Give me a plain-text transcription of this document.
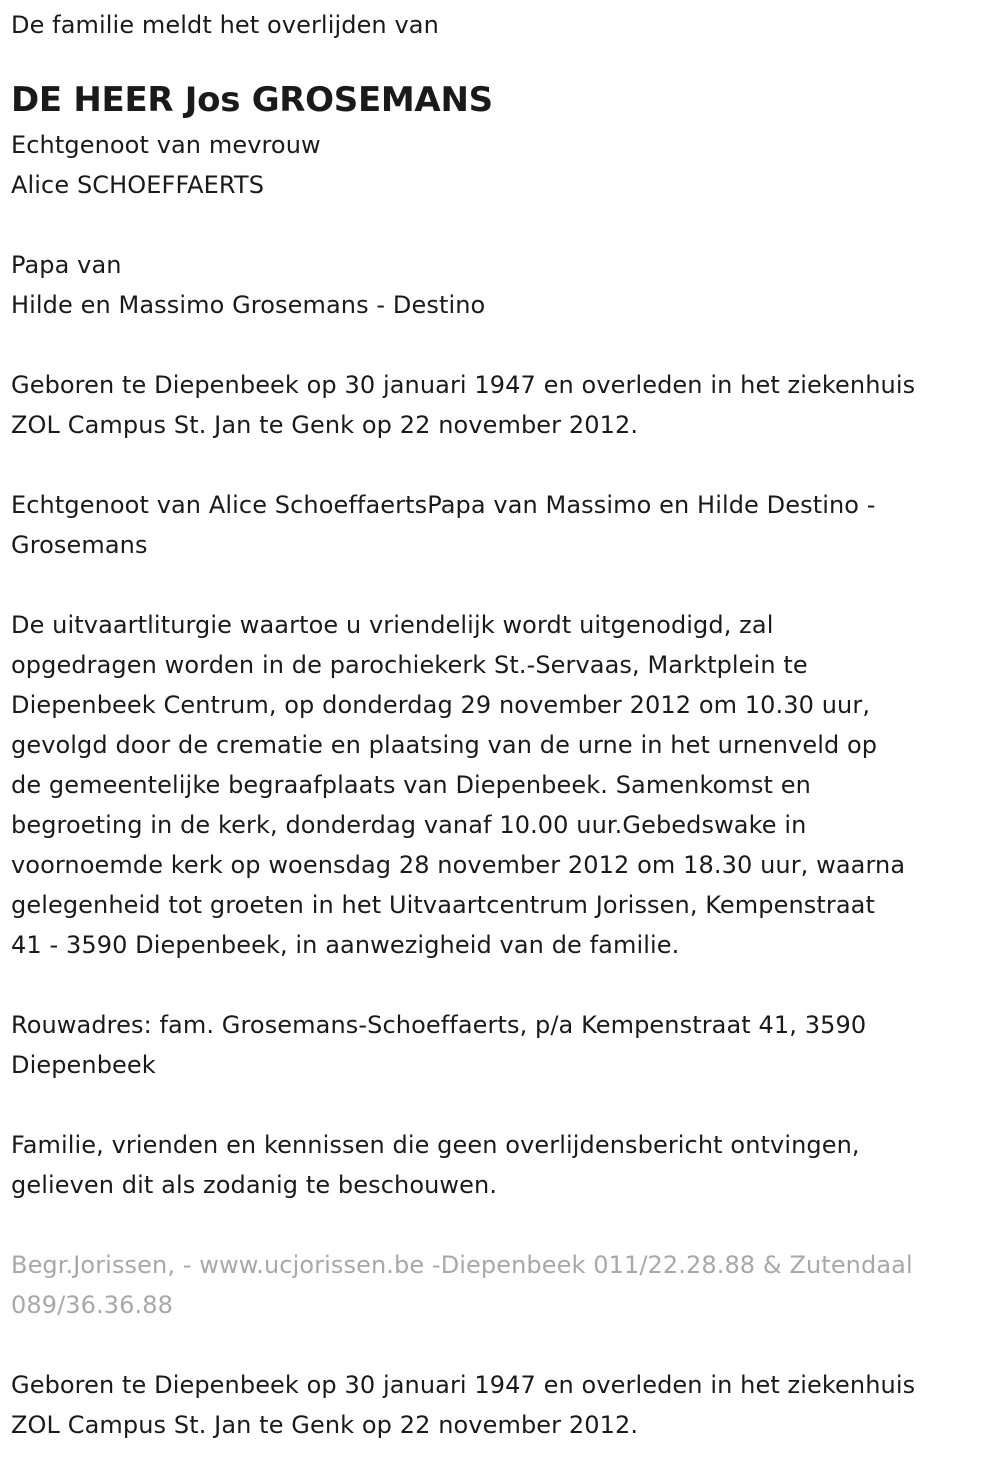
De familie meldt het overlijden van
DE HEER Jos GROSEMANS
Echtgenoot van mevrouw
Alice SCHOEFFAERTS
Papa van
Hilde en Massimo Grosemans - Destino
Geboren te Diepenbeek op 30 januari 1947 en overleden in het ziekenhuis
ZOL Campus St. Jan te Genk op 22 november 2012.
Echtgenoot van Alice SchoeffaertsPapa van Massimo en Hilde Destino -
Grosemans
De uitvaartliturgie waartoe u vriendelijk wordt uitgenodigd, zal
opgedragen worden in de parochiekerk St.-Servaas, Marktplein te
Diepenbeek Centrum, op donderdag 29 november 2012 om 10.30 uur,
gevolgd door de crematie en plaatsing van de urne in het urnenveld op
de gemeentelijke begraafplaats van Diepenbeek. Samenkomst en
begroeting in de kerk, donderdag vanaf 10.00 uur.Gebedswake in
voornoemde kerk op woensdag 28 november 2012 om 18.30 uur, waarna
gelegenheid tot groeten in het Uitvaartcentrum Jorissen, Kempenstraat
41 - 3590 Diepenbeek, in aanwezigheid van de familie.
Rouwadres: fam. Grosemans-Schoeffaerts, p/a Kempenstraat 41, 3590
Diepenbeek
Familie, vrienden en kennissen die geen overlijdensbericht ontvingen,
gelieven dit als zodanig te beschouwen.
Begr.Jorissen, - www.ucjorissen.be -Diepenbeek 011/22.28.88 & Zutendaal
089/36.36.88
Geboren te Diepenbeek op 30 januari 1947 en overleden in het ziekenhuis
ZOL Campus St. Jan te Genk op 22 november 2012.
